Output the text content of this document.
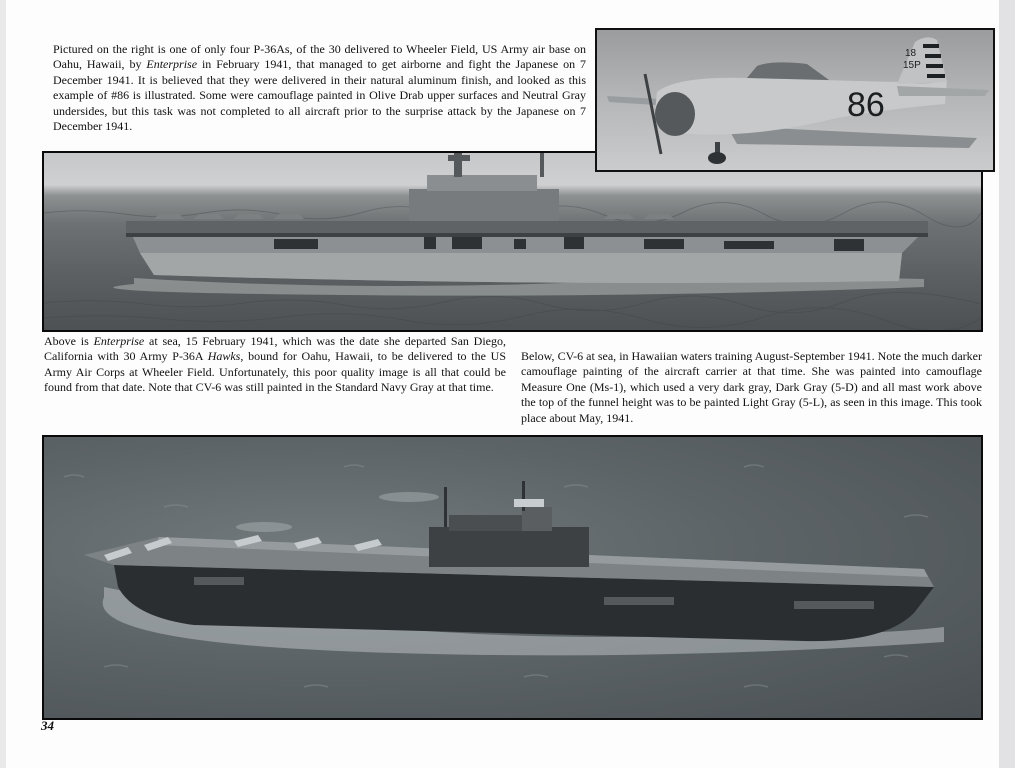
Pictured on the right is one of only four P-36As, of the 30 delivered to Wheeler Field, US Army air base on Oahu, Hawaii, by Enterprise in February 1941, that managed to get airborne and fight the Japanese on 7 December 1941. It is believed that they were delivered in their natural aluminum finish, and looked as this example of #86 is illustrated. Some were camouflage painted in Olive Drab upper surfaces and Neutral Gray undersides, but this task was not completed to all aircraft prior to the surprise attack by the Japanese on 7 December 1941.

86
18
15P

Above is Enterprise at sea, 15 February 1941, which was the date she departed San Diego, California with 30 Army P-36A Hawks, bound for Oahu, Hawaii, to be delivered to the US Army Air Corps at Wheeler Field. Unfortunately, this poor quality image is all that could be found from that date. Note that CV-6 was still painted in the Standard Navy Gray at that time.

Below, CV-6 at sea, in Hawaiian waters training August-September 1941. Note the much darker camouflage painting of the aircraft carrier at that time. She was painted into camouflage Measure One (Ms-1), which used a very dark gray, Dark Gray (5-D) and all mast work above the top of the funnel height was to be painted Light Gray (5-L), as seen in this image. This took place about May, 1941.

34
